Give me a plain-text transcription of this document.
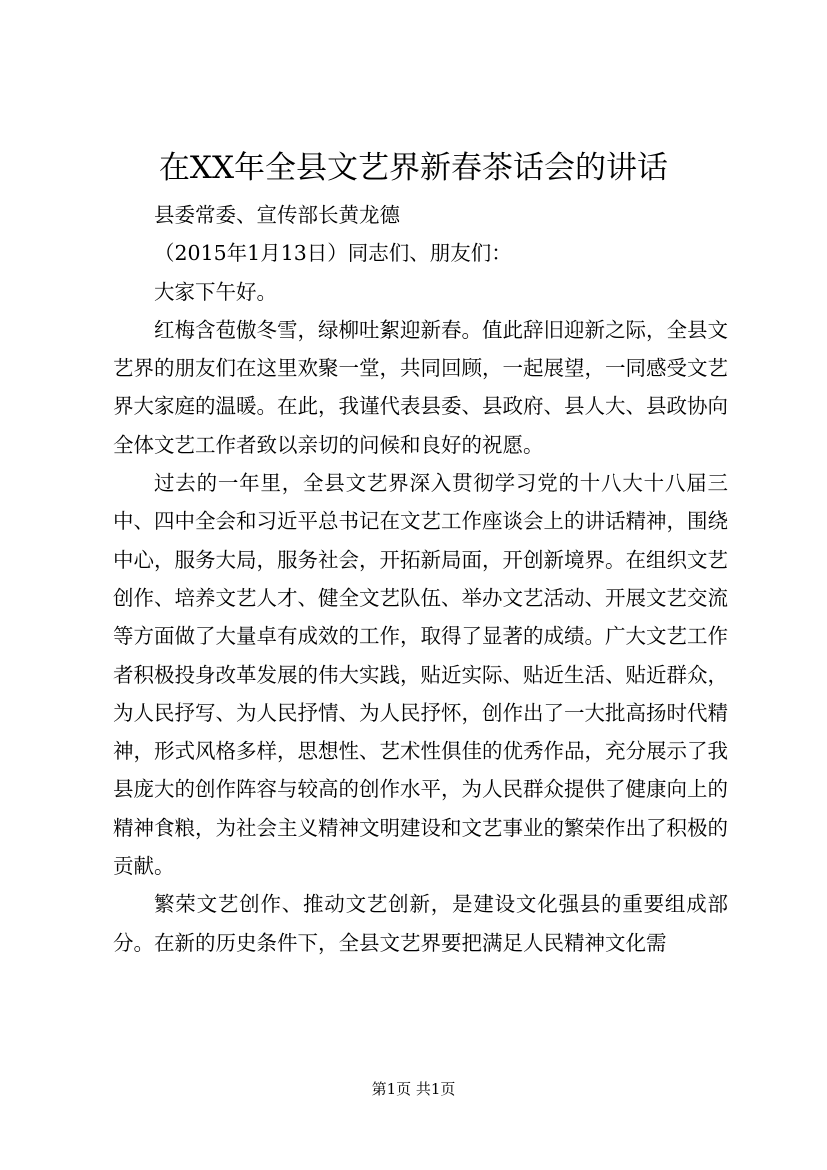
在XX年全县文艺界新春茶话会的讲话

县委常委、宣传部长黄龙德

（2015年1月13日）同志们、朋友们：

大家下午好。

红梅含苞傲冬雪，绿柳吐絮迎新春。值此辞旧迎新之际，全县文艺界的朋友们在这里欢聚一堂，共同回顾，一起展望，一同感受文艺界大家庭的温暖。在此，我谨代表县委、县政府、县人大、县政协向全体文艺工作者致以亲切的问候和良好的祝愿。

过去的一年里，全县文艺界深入贯彻学习党的十八大十八届三中、四中全会和习近平总书记在文艺工作座谈会上的讲话精神，围绕中心，服务大局，服务社会，开拓新局面，开创新境界。在组织文艺创作、培养文艺人才、健全文艺队伍、举办文艺活动、开展文艺交流等方面做了大量卓有成效的工作，取得了显著的成绩。广大文艺工作者积极投身改革发展的伟大实践，贴近实际、贴近生活、贴近群众，为人民抒写、为人民抒情、为人民抒怀，创作出了一大批高扬时代精神，形式风格多样，思想性、艺术性俱佳的优秀作品，充分展示了我县庞大的创作阵容与较高的创作水平，为人民群众提供了健康向上的精神食粮，为社会主义精神文明建设和文艺事业的繁荣作出了积极的贡献。

繁荣文艺创作、推动文艺创新，是建设文化强县的重要组成部分。在新的历史条件下，全县文艺界要把满足人民精神文化需

第1页 共1页
